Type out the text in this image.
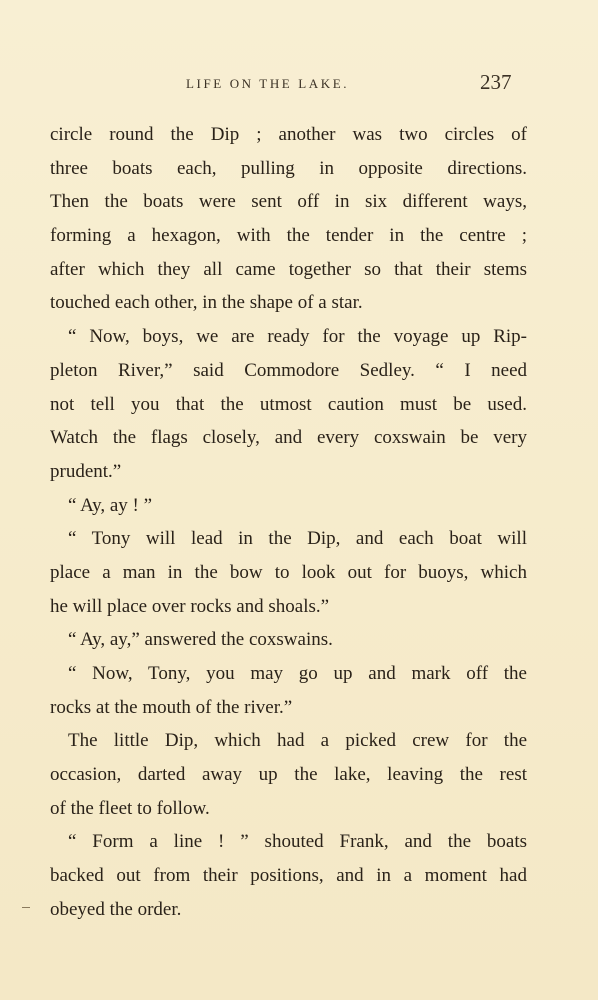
LIFE ON THE LAKE.	237
circle round the Dip ; another was two circles of
three boats each, pulling in opposite directions.
Then the boats were sent off in six different ways,
forming a hexagon, with the tender in the centre ;
after which they all came together so that their stems
touched each other, in the shape of a star.
“ Now, boys, we are ready for the voyage up Rip-
pleton River,” said Commodore Sedley. “ I need
not tell you that the utmost caution must be used.
Watch the flags closely, and every coxswain be very
prudent.”
“ Ay, ay ! ”
“ Tony will lead in the Dip, and each boat will
place a man in the bow to look out for buoys, which
he will place over rocks and shoals.”
“ Ay, ay,” answered the coxswains.
“ Now, Tony, you may go up and mark off the
rocks at the mouth of the river.”
The little Dip, which had a picked crew for the
occasion, darted away up the lake, leaving the rest
of the fleet to follow.
“ Form a line ! ” shouted Frank, and the boats
backed out from their positions, and in a moment had
obeyed the order.
